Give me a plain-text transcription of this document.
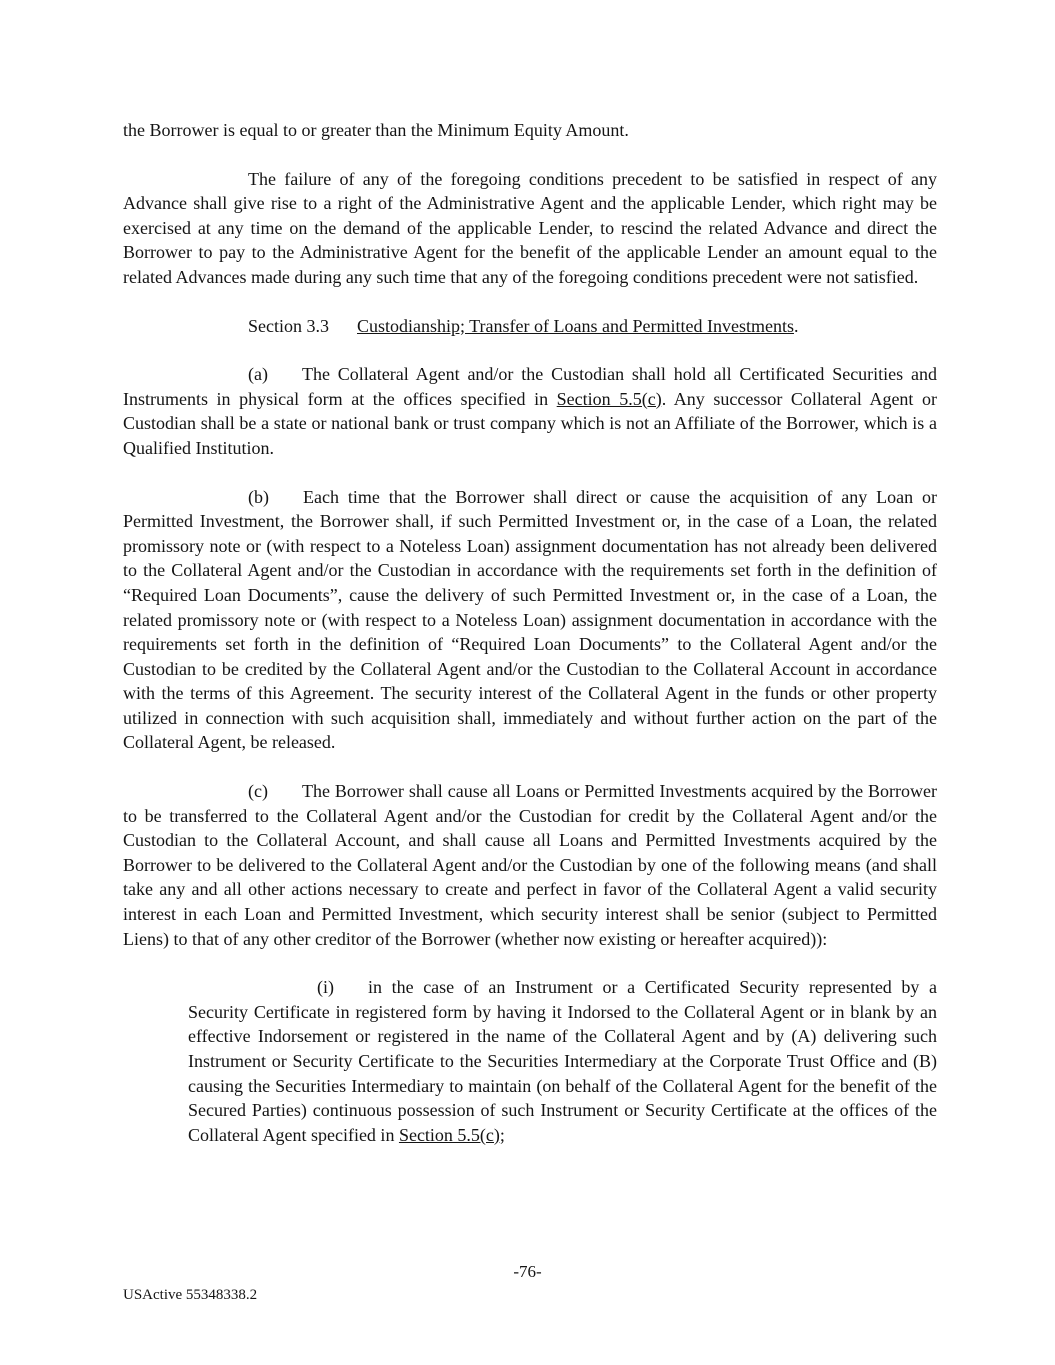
the Borrower is equal to or greater than the Minimum Equity Amount.

The failure of any of the foregoing conditions precedent to be satisfied in respect of any Advance shall give rise to a right of the Administrative Agent and the applicable Lender, which right may be exercised at any time on the demand of the applicable Lender, to rescind the related Advance and direct the Borrower to pay to the Administrative Agent for the benefit of the applicable Lender an amount equal to the related Advances made during any such time that any of the foregoing conditions precedent were not satisfied.

Section 3.3 Custodianship; Transfer of Loans and Permitted Investments.

(a) The Collateral Agent and/or the Custodian shall hold all Certificated Securities and Instruments in physical form at the offices specified in Section 5.5(c). Any successor Collateral Agent or Custodian shall be a state or national bank or trust company which is not an Affiliate of the Borrower, which is a Qualified Institution.

(b) Each time that the Borrower shall direct or cause the acquisition of any Loan or Permitted Investment, the Borrower shall, if such Permitted Investment or, in the case of a Loan, the related promissory note or (with respect to a Noteless Loan) assignment documentation has not already been delivered to the Collateral Agent and/or the Custodian in accordance with the requirements set forth in the definition of “Required Loan Documents”, cause the delivery of such Permitted Investment or, in the case of a Loan, the related promissory note or (with respect to a Noteless Loan) assignment documentation in accordance with the requirements set forth in the definition of “Required Loan Documents” to the Collateral Agent and/or the Custodian to be credited by the Collateral Agent and/or the Custodian to the Collateral Account in accordance with the terms of this Agreement. The security interest of the Collateral Agent in the funds or other property utilized in connection with such acquisition shall, immediately and without further action on the part of the Collateral Agent, be released.

(c) The Borrower shall cause all Loans or Permitted Investments acquired by the Borrower to be transferred to the Collateral Agent and/or the Custodian for credit by the Collateral Agent and/or the Custodian to the Collateral Account, and shall cause all Loans and Permitted Investments acquired by the Borrower to be delivered to the Collateral Agent and/or the Custodian by one of the following means (and shall take any and all other actions necessary to create and perfect in favor of the Collateral Agent a valid security interest in each Loan and Permitted Investment, which security interest shall be senior (subject to Permitted Liens) to that of any other creditor of the Borrower (whether now existing or hereafter acquired)):

(i) in the case of an Instrument or a Certificated Security represented by a Security Certificate in registered form by having it Indorsed to the Collateral Agent or in blank by an effective Indorsement or registered in the name of the Collateral Agent and by (A) delivering such Instrument or Security Certificate to the Securities Intermediary at the Corporate Trust Office and (B) causing the Securities Intermediary to maintain (on behalf of the Collateral Agent for the benefit of the Secured Parties) continuous possession of such Instrument or Security Certificate at the offices of the Collateral Agent specified in Section 5.5(c);

-76-
USActive 55348338.2
